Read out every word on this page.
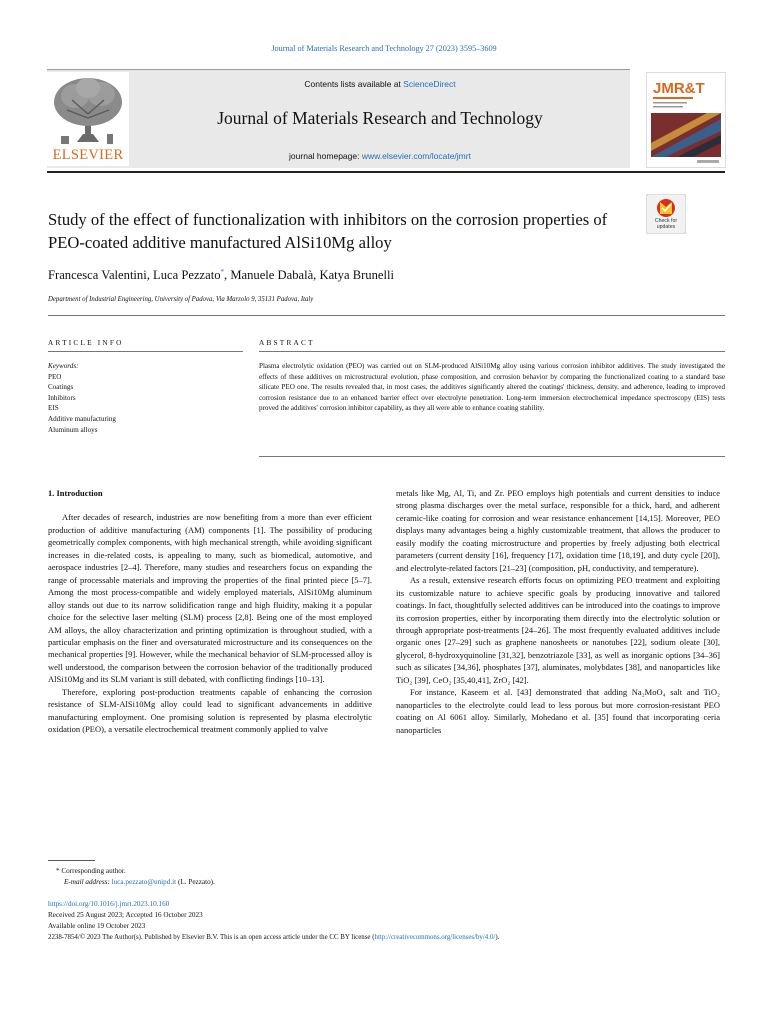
Journal of Materials Research and Technology 27 (2023) 3595–3609
ELSEVIER
Contents lists available at ScienceDirect
Journal of Materials Research and Technology
journal homepage: www.elsevier.com/locate/jmrt
JMR&T
Study of the effect of functionalization with inhibitors on the corrosion properties of PEO-coated additive manufactured AlSi10Mg alloy
Check for updates
Francesca Valentini, Luca Pezzato*, Manuele Dabalà, Katya Brunelli
Department of Industrial Engineering, University of Padova, Via Marzolo 9, 35131 Padova, Italy
ARTICLE INFO
Keywords:
PEO
Coatings
Inhibitors
EIS
Additive manufacturing
Aluminum alloys
ABSTRACT
Plasma electrolytic oxidation (PEO) was carried out on SLM-produced AlSi10Mg alloy using various corrosion inhibitor additives. The study investigated the effects of these additives on microstructural evolution, phase composition, and corrosion behavior by comparing the functionalized coating to a standard base silicate PEO one. The results revealed that, in most cases, the additives significantly altered the coatings' thickness, density, and adherence, leading to improved corrosion resistance due to an enhanced barrier effect over electrolyte penetration. Long-term immersion electrochemical impedance spectroscopy (EIS) tests proved the additives' corrosion inhibitor capability, as they all were able to enhance coating stability.

1. Introduction

After decades of research, industries are now benefiting from a more than ever efficient production of additive manufacturing (AM) components [1]. The possibility of producing geometrically complex components, with high mechanical strength, while avoiding significant increases in die-related costs, is appealing to many, such as biomedical, automotive, and aerospace industries [2–4]. Therefore, many studies and researchers focus on expanding the range of processable materials and improving the properties of the final printed piece [5–7]. Among the most process-compatible and widely employed materials, AlSi10Mg aluminum alloy stands out due to its narrow solidification range and high fluidity, making it a popular choice for the selective laser melting (SLM) process [2,8]. Being one of the most employed AM alloys, the alloy characterization and printing optimization is throughout studied, with a particular emphasis on the finer and oversaturated microstructure and its consequences on the mechanical properties [9]. However, while the mechanical behavior of SLM-processed alloy is well understood, the comparison between the corrosion behavior of the traditionally produced AlSi10Mg and its SLM variant is still debated, with conflicting findings [10–13].

Therefore, exploring post-production treatments capable of enhancing the corrosion resistance of SLM-AlSi10Mg alloy could lead to significant advancements in additive manufacturing employment. One promising solution is represented by plasma electrolytic oxidation (PEO), a versatile electrochemical treatment commonly applied to valve

metals like Mg, Al, Ti, and Zr. PEO employs high potentials and current densities to induce strong plasma discharges over the metal surface, responsible for a thick, hard, and adherent ceramic-like coating for corrosion and wear resistance enhancement [14,15]. Moreover, PEO displays many advantages being a highly customizable treatment, that allows the producer to easily modify the coating microstructure and properties by freely adjusting both electrical parameters (current density [16], frequency [17], oxidation time [18,19], and duty cycle [20]), and electrolyte-related factors [21–23] (composition, pH, conductivity, and temperature).

As a result, extensive research efforts focus on optimizing PEO treatment and exploiting its customizable nature to achieve specific goals by producing innovative and tailored coatings. In fact, thoughtfully selected additives can be introduced into the coatings to improve its corrosion properties, either by incorporating them directly into the electrolytic solution or through appropriate post-treatments [24–26]. The most frequently evaluated additives include organic ones [27–29] such as graphene nanosheets or nanotubes [22], sodium oleate [30], glycerol, 8-hydroxyquinoline [31,32], benzotriazole [33], as well as inorganic options [34–36] such as silicates [34,36], phosphates [37], aluminates, molybdates [38], and nanoparticles like TiO₂ [39], CeO₂ [35,40,41], ZrO₂ [42].

For instance, Kaseem et al. [43] demonstrated that adding Na₂MoO₄ salt and TiO₂ nanoparticles to the electrolyte could lead to less porous but more corrosion-resistant PEO coating on Al 6061 alloy. Similarly, Mohedano et al. [35] found that incorporating ceria nanoparticles

* Corresponding author.
E-mail address: luca.pezzato@unipd.it (L. Pezzato).
https://doi.org/10.1016/j.jmrt.2023.10.160
Received 25 August 2023; Accepted 16 October 2023
Available online 19 October 2023
2238-7854/© 2023 The Author(s). Published by Elsevier B.V. This is an open access article under the CC BY license (http://creativecommons.org/licenses/by/4.0/).
